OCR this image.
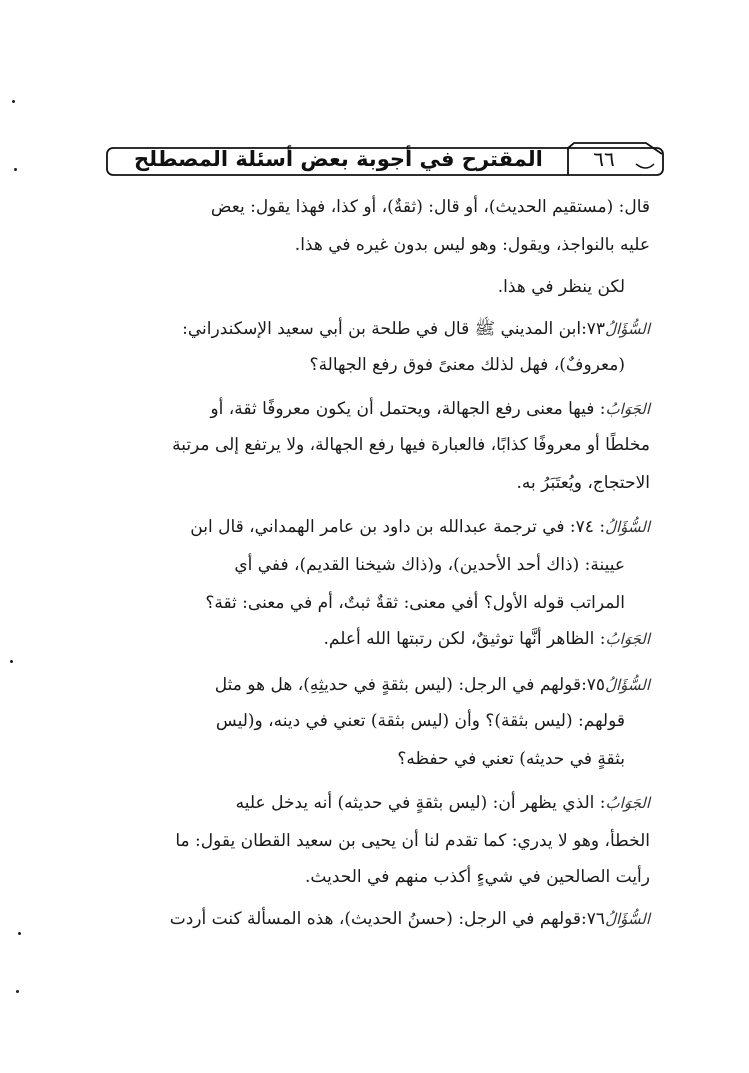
المقترح في أجوبة بعض أسئلة المصطلح	٦٦
قال: (مستقيم الحديث)، أو قال: (ثقةٌ)، أو كذا، فهذا يقول: يعض
عليه بالنواجذ، ويقول: وهو ليس بدون غيره في هذا.
لكن ينظر في هذا.
السُّؤَالُ٧٣:ابن المديني ﷺ قال في طلحة بن أبي سعيد الإسكندراني:
(معروفٌ)، فهل لذلك معنىً فوق رفع الجهالة؟
الجَوَابُ: فيها معنى رفع الجهالة، ويحتمل أن يكون معروفًا ثقة، أو
مخلطًا أو معروفًا كذابًا، فالعبارة فيها رفع الجهالة، ولا يرتفع إلى مرتبة
الاحتجاج، ويُعتَبَرُ به.
السُّؤَالُ: ٧٤: في ترجمة عبدالله بن داود بن عامر الهمداني، قال ابن
عيينة: (ذاك أحد الأحدين)، و(ذاك شيخنا القديم)، ففي أي
المراتب قوله الأول؟ أفي معنى: ثقةٌ ثبتٌ، أم في معنى: ثقة؟
الجَوَابُ: الظاهر أنَّها توثيقٌ، لكن رتبتها الله أعلم.
السُّؤَالُ٧٥:قولهم في الرجل: (ليس بثقةٍ في حديثِهِ)، هل هو مثل
قولهم: (ليس بثقة)؟ وأن (ليس بثقة) تعني في دينه، و(ليس
بثقةٍ في حديثه) تعني في حفظه؟
الجَوَابُ: الذي يظهر أن: (ليس بثقةٍ في حديثه) أنه يدخل عليه
الخطأ، وهو لا يدري: كما تقدم لنا أن يحيى بن سعيد القطان يقول: ما
رأيت الصالحين في شيءٍ أكذب منهم في الحديث.
السُّؤَالُ٧٦:قولهم في الرجل: (حسنُ الحديث)، هذه المسألة كنت أردت
